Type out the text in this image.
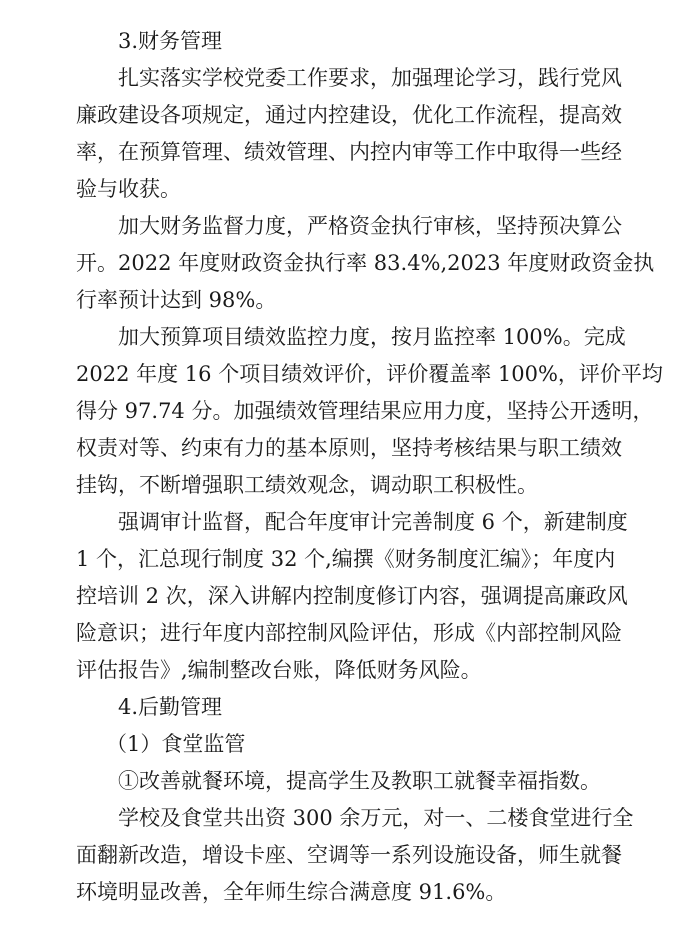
3.财务管理

扎实落实学校党委工作要求，加强理论学习，践行党风

廉政建设各项规定，通过内控建设，优化工作流程，提高效

率，在预算管理、绩效管理、内控内审等工作中取得一些经

验与收获。

加大财务监督力度，严格资金执行审核，坚持预决算公

开。2022 年度财政资金执行率 83.4%,2023 年度财政资金执

行率预计达到 98%。

加大预算项目绩效监控力度，按月监控率 100%。完成

2022 年度 16 个项目绩效评价，评价覆盖率 100%，评价平均

得分 97.74 分。加强绩效管理结果应用力度，坚持公开透明，

权责对等、约束有力的基本原则，坚持考核结果与职工绩效

挂钩，不断增强职工绩效观念，调动职工积极性。

强调审计监督，配合年度审计完善制度 6 个，新建制度

1 个，汇总现行制度 32 个,编撰《财务制度汇编》；年度内

控培训 2 次，深入讲解内控制度修订内容，强调提高廉政风

险意识；进行年度内部控制风险评估，形成《内部控制风险

评估报告》,编制整改台账，降低财务风险。

4.后勤管理

（1）食堂监管

①改善就餐环境，提高学生及教职工就餐幸福指数。

学校及食堂共出资 300 余万元，对一、二楼食堂进行全

面翻新改造，增设卡座、空调等一系列设施设备，师生就餐

环境明显改善，全年师生综合满意度 91.6%。
